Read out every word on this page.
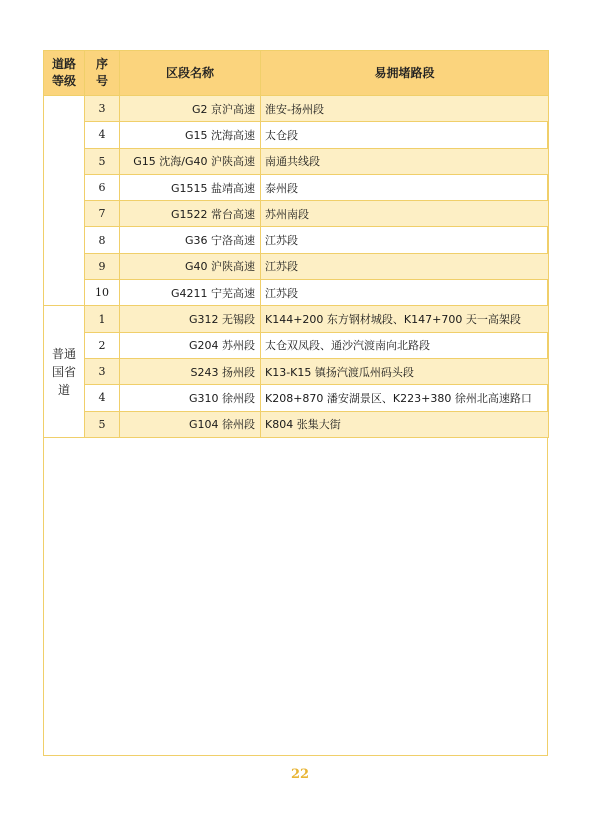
道路等级	序号	区段名称	易拥堵路段

	3	G2 京沪高速	淮安-扬州段
	4	G15 沈海高速	太仓段
	5	G15 沈海/G40 沪陕高速	南通共线段
	6	G1515 盐靖高速	泰州段
	7	G1522 常台高速	苏州南段
	8	G36 宁洛高速	江苏段
	9	G40 沪陕高速	江苏段
	10	G4211 宁芜高速	江苏段

普通国省道	1	G312 无锡段	K144+200 东方钢材城段、K147+700 天一高架段
	2	G204 苏州段	太仓双凤段、通沙汽渡南向北路段
	3	S243 扬州段	K13-K15 镇扬汽渡瓜州码头段
	4	G310 徐州段	K208+870 潘安湖景区、K223+380 徐州北高速路口
	5	G104 徐州段	K804 张集大街
22
